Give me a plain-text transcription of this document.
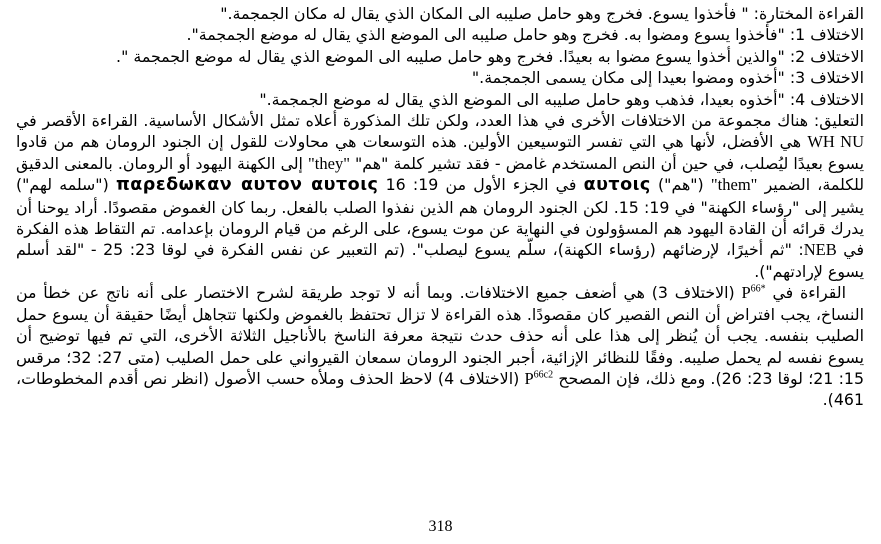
القراءة المختارة: " فأخذوا يسوع. فخرج وهو حامل صليبه الى المكان الذي يقال له مكان الجمجمة."

الاختلاف 1: "فأخذوا يسوع ومضوا به. فخرج وهو حامل صليبه الى الموضع الذي يقال له موضع الجمجمة".

الاختلاف 2: "والذين أخذوا يسوع مضوا به بعيدًا. فخرج وهو حامل صليبه الى الموضع الذي يقال له موضع الجمجمة ".

الاختلاف 3: "أخذوه ومضوا بعيدا إلى مكان يسمى الجمجمة."

الاختلاف 4: "أخذوه بعيدا، فذهب وهو حامل صليبه الى الموضع الذي يقال له موضع الجمجمة."

التعليق: هناك مجموعة من الاختلافات الأخرى في هذا العدد، ولكن تلك المذكورة أعلاه تمثل الأشكال الأساسية. القراءة الأقصر في WH NU هي الأفضل، لأنها هي التي تفسر التوسيعين الأولين. هذه التوسعات هي محاولات للقول إن الجنود الرومان هم من قادوا يسوع بعيدًا ليُصلب، في حين أن النص المستخدم غامض - فقد تشير كلمة "هم" "they" إلى الكهنة اليهود أو الرومان. بالمعنى الدقيق للكلمة، الضمير "them" ("هم") αυτοις في الجزء الأول من 19: 16 παρεδωκαν αυτον αυτοις ("سلمه لهم") يشير إلى "رؤساء الكهنة" في 19: 15. لكن الجنود الرومان هم الذين نفذوا الصلب بالفعل. ربما كان الغموض مقصودًا. أراد يوحنا أن يدرك قرائه أن القادة اليهود هم المسؤولون في النهاية عن موت يسوع، على الرغم من قيام الرومان بإعدامه. تم التقاط هذه الفكرة في NEB: "ثم أخيرًا، لإرضائهم (رؤساء الكهنة)، سلّم يسوع ليصلب". (تم التعبير عن نفس الفكرة في لوقا 23: 25 - "لقد أسلم يسوع لإرادتهم").

القراءة في $P^{66*}$ (الاختلاف 3) هي أضعف جميع الاختلافات. وبما أنه لا توجد طريقة لشرح الاختصار على أنه ناتج عن خطأ من النساخ، يجب افتراض أن النص القصير كان مقصودًا. هذه القراءة لا تزال تحتفظ بالغموض ولكنها تتجاهل أيضًا حقيقة أن يسوع حمل الصليب بنفسه. يجب أن يُنظر إلى هذا على أنه حذف حدث نتيجة معرفة الناسخ بالأناجيل الثلاثة الأخرى، التي تم فيها توضيح أن يسوع نفسه لم يحمل صليبه. وفقًا للنظائر الإزائية، أجبر الجنود الرومان سمعان القيرواني على حمل الصليب (متى 27: 32؛ مرقس 15: 21؛ لوقا 23: 26). ومع ذلك، فإن المصحح $P^{66c2}$ (الاختلاف 4) لاحظ الحذف وملأه حسب الأصول (انظر نص أقدم المخطوطات، 461).

318
